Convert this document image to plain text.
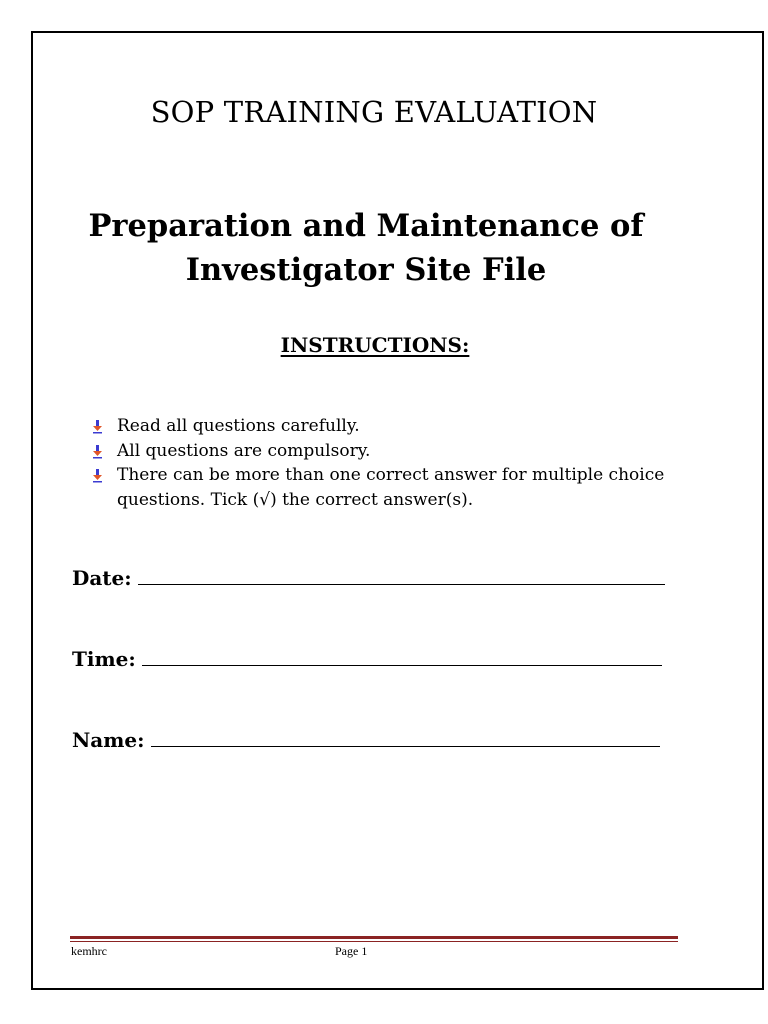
SOP TRAINING EVALUATION
Preparation and Maintenance of
Investigator Site File
INSTRUCTIONS:
Read all questions carefully.
All questions are compulsory.
There can be more than one correct answer for multiple choice questions. Tick (√) the correct answer(s).
Date:
Time:
Name:
kemhrc	Page 1
